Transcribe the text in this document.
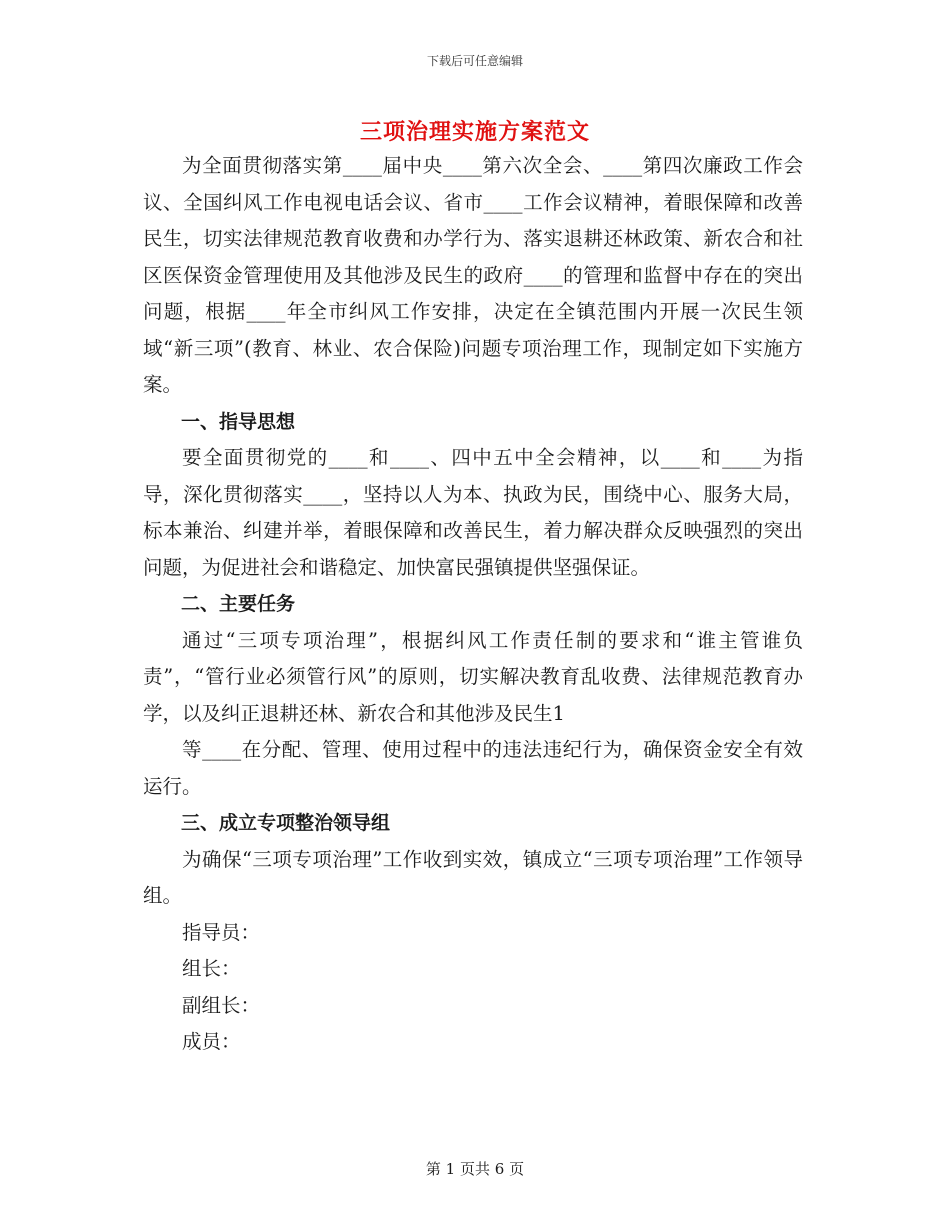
下载后可任意编辑
三项治理实施方案范文

为全面贯彻落实第____届中央____第六次全会、____第四次廉政工作会议、全国纠风工作电视电话会议、省市____工作会议精神，着眼保障和改善民生，切实法律规范教育收费和办学行为、落实退耕还林政策、新农合和社区医保资金管理使用及其他涉及民生的政府____的管理和监督中存在的突出问题，根据____年全市纠风工作安排，决定在全镇范围内开展一次民生领域“新三项”(教育、林业、农合保险)问题专项治理工作，现制定如下实施方案。

一、指导思想

要全面贯彻党的____和____、四中五中全会精神，以____和____为指导，深化贯彻落实____，坚持以人为本、执政为民，围绕中心、服务大局，标本兼治、纠建并举，着眼保障和改善民生，着力解决群众反映强烈的突出问题，为促进社会和谐稳定、加快富民强镇提供坚强保证。

二、主要任务

通过“三项专项治理”，根据纠风工作责任制的要求和“谁主管谁负责”，“管行业必须管行风”的原则，切实解决教育乱收费、法律规范教育办学，以及纠正退耕还林、新农合和其他涉及民生1

等____在分配、管理、使用过程中的违法违纪行为，确保资金安全有效运行。

三、成立专项整治领导组

为确保“三项专项治理”工作收到实效，镇成立“三项专项治理”工作领导组。

指导员：

组长：

副组长：

成员：

第 1 页共 6 页
